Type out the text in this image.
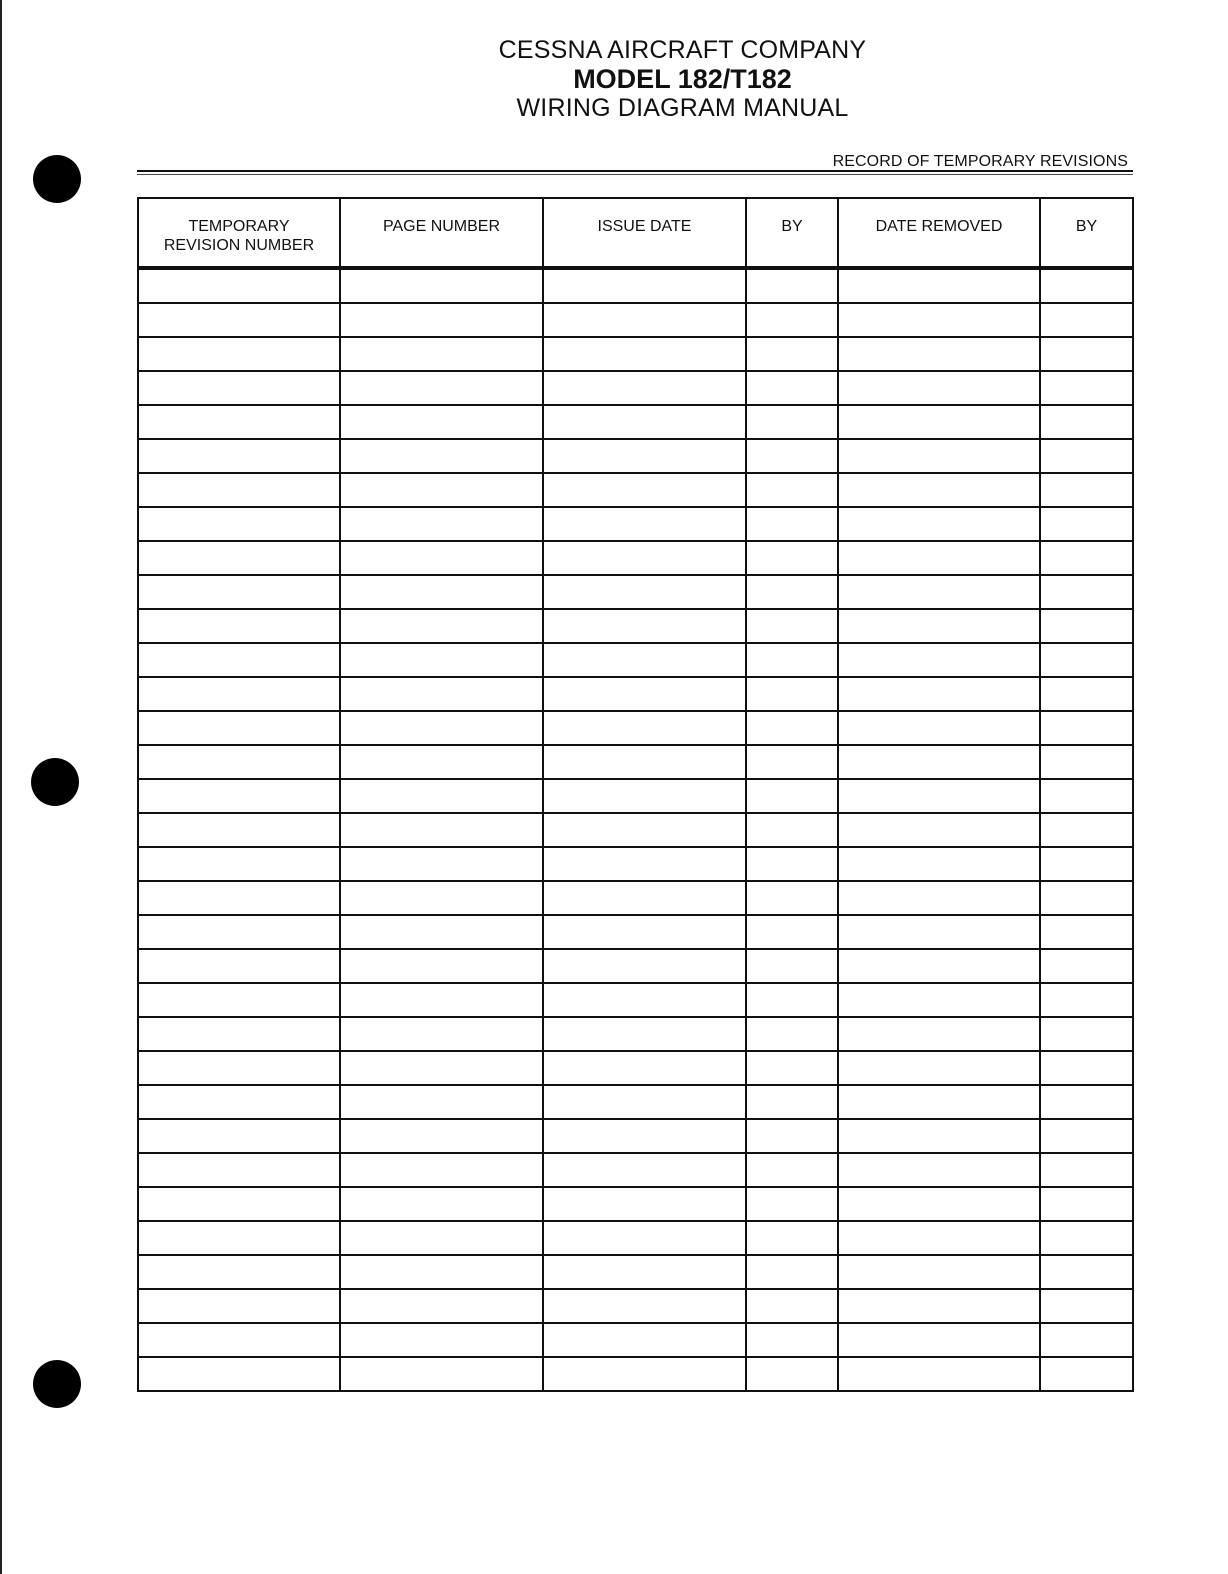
CESSNA AIRCRAFT COMPANY
MODEL 182/T182
WIRING DIAGRAM MANUAL
RECORD OF TEMPORARY REVISIONS
TEMPORARY
REVISION NUMBER	PAGE NUMBER	ISSUE DATE	BY	DATE REMOVED	BY
